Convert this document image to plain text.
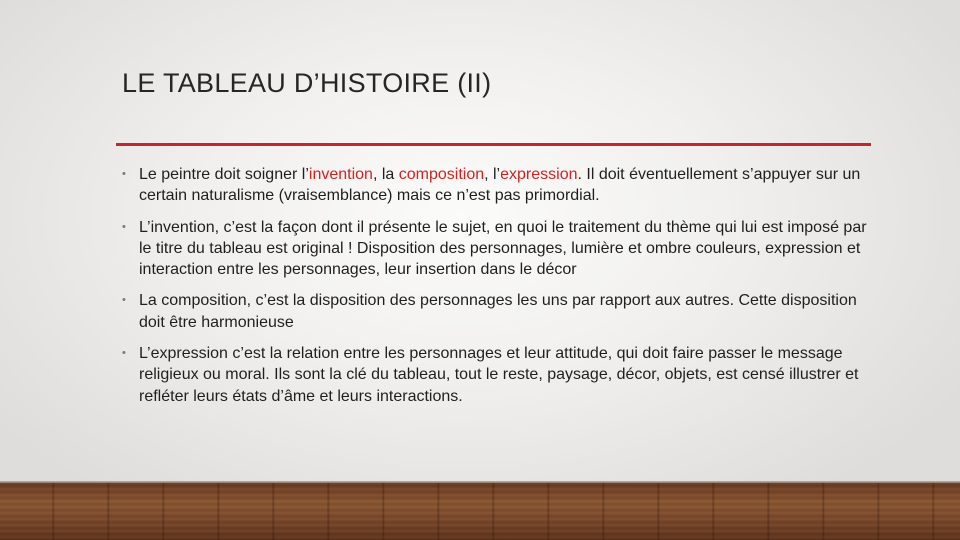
LE TABLEAU D’HISTOIRE (II)
• Le peintre doit soigner l’invention, la composition, l’expression. Il doit éventuellement s’appuyer sur un certain naturalisme (vraisemblance) mais ce n’est pas primordial.
• L’invention, c’est la façon dont il présente le sujet, en quoi le traitement du thème qui lui est imposé par le titre du tableau est original ! Disposition des personnages, lumière et ombre couleurs, expression et interaction entre les personnages, leur insertion dans le décor
• La composition, c’est la disposition des personnages les uns par rapport aux autres. Cette disposition doit être harmonieuse
• L’expression c’est la relation entre les personnages et leur attitude, qui doit faire passer le message religieux ou moral. Ils sont la clé du tableau, tout le reste, paysage, décor, objets, est censé illustrer et refléter leurs états d’âme et leurs interactions.
